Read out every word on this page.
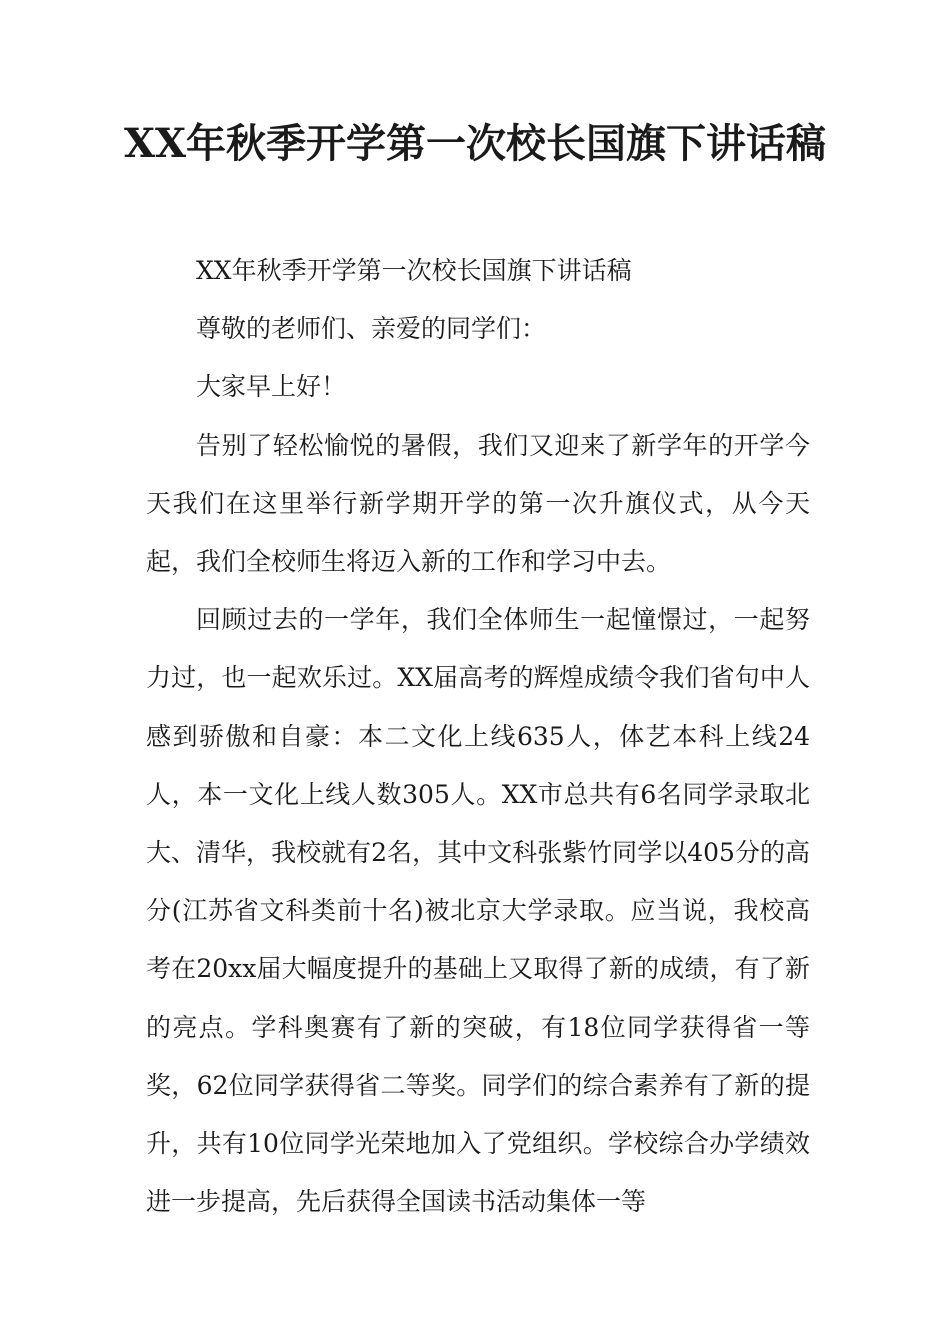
XX年秋季开学第一次校长国旗下讲话稿

XX年秋季开学第一次校长国旗下讲话稿

尊敬的老师们、亲爱的同学们：

大家早上好！

告别了轻松愉悦的暑假，我们又迎来了新学年的开学今天我们在这里举行新学期开学的第一次升旗仪式，从今天起，我们全校师生将迈入新的工作和学习中去。

回顾过去的一学年，我们全体师生一起憧憬过，一起努力过，也一起欢乐过。XX届高考的辉煌成绩令我们省句中人感到骄傲和自豪：本二文化上线635人，体艺本科上线24人，本一文化上线人数305人。XX市总共有6名同学录取北大、清华，我校就有2名，其中文科张紫竹同学以405分的高分(江苏省文科类前十名)被北京大学录取。应当说，我校高考在20xx届大幅度提升的基础上又取得了新的成绩，有了新的亮点。学科奥赛有了新的突破，有18位同学获得省一等奖，62位同学获得省二等奖。同学们的综合素养有了新的提升，共有10位同学光荣地加入了党组织。学校综合办学绩效进一步提高，先后获得全国读书活动集体一等
